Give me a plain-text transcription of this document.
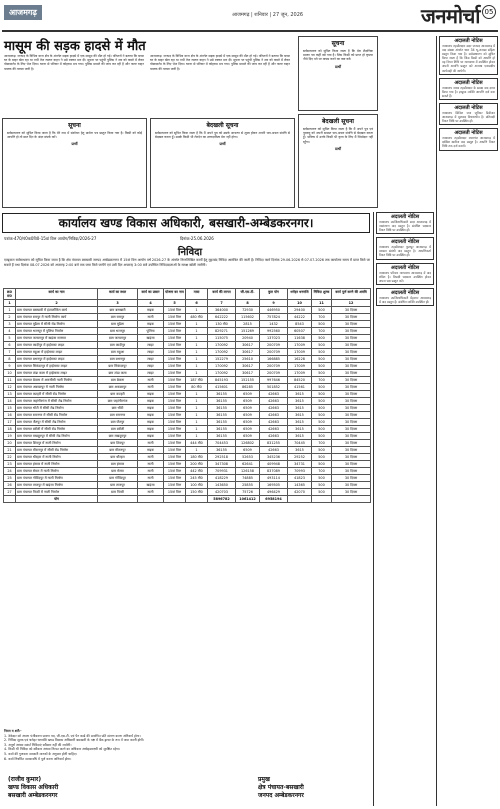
आजमगढ़	आजमगढ़ | शनिवार | 27 जून, 2026	जनमोर्चा 05
मासूम की सड़क हादसे में मौत
आजमगढ़। जनपद के विभिन्न थाना क्षेत्र के अंतर्गत सड़क हादसे में एक मासूम की मौत हो गई। परिजनों ने बताया कि बच्चा घर के बाहर खेल रहा था तभी तेज रफ्तार वाहन ने उसे टक्कर मार दी। सूचना पर पहुंची पुलिस ने शव को कब्जे में लेकर पोस्टमार्टम के लिए भेज दिया। घटना से परिवार में कोहराम मच गया। पुलिस मामले की जांच कर रही है और फरार वाहन चालक की तलाश जारी है।
आजमगढ़। जनपद के विभिन्न थाना क्षेत्र के अंतर्गत सड़क हादसे में एक मासूम की मौत हो गई। परिजनों ने बताया कि बच्चा घर के बाहर खेल रहा था तभी तेज रफ्तार वाहन ने उसे टक्कर मार दी। सूचना पर पहुंची पुलिस ने शव को कब्जे में लेकर पोस्टमार्टम के लिए भेज दिया। घटना से परिवार में कोहराम मच गया। पुलिस मामले की जांच कर रही है और फरार वाहन चालक की तलाश जारी है।
सूचना
सर्वसाधारण को सूचित किया जाता है कि मेरे नाम में संशोधन हेतु प्रार्थना पत्र प्रस्तुत किया गया है। किसी को कोई आपत्ति हो तो सात दिन के अंदर संपर्क करें।
प्रार्थी
बेदखली सूचना
सर्वसाधारण को सूचित किया जाता है कि मैं अपने पुत्र को उसके आचरण से क्षुब्ध होकर अपनी चल-अचल संपत्ति से बेदखल करता हूँ। उसके किसी भी लेनदेन का उत्तरदायित्व मेरा नहीं होगा।
प्रार्थी
सूचना
सर्वसाधारण को सूचित किया जाता है कि मेरा शैक्षणिक प्रमाण पत्र कहीं खो गया है। जिस किसी को प्राप्त हो कृपया नीचे दिए पते पर वापस करने का कष्ट करें।
प्रार्थी
बेदखली सूचना
सर्वसाधारण को सूचित किया जाता है कि मैं अपने पुत्र एवं पुत्रवधू को अपनी समस्त चल-अचल संपत्ति से बेदखल करता हूँ। भविष्य में उनके किसी भी कृत्य के लिए मैं जिम्मेदार नहीं रहूँगा।
प्रार्थी
कार्यालय खण्ड विकास अधिकारी, बसखारी-अम्बेडकरनगर।
पत्रांक-470/पं0क0वि0-15वां वित्त आयोग/निविदा/2026-27	दिनांक-25.06.2026
निविदा
एतद्द्वारा सर्वसाधारण को सूचित किया जाता है कि क्षेत्र पंचायत बसखारी जनपद अम्बेडकरनगर में 15वां वित्त आयोग वर्ष 2026-27 के अंतर्गत निम्नलिखित कार्यों हेतु मुहरबंद निविदा आमंत्रित की जाती है। निविदा फार्म दिनांक 29.06.2026 से 07.07.2026 तक कार्यालय समय में प्राप्त किये जा सकते हैं तथा दिनांक 08.07.2026 को अपरान्ह 2:00 बजे तक जमा किये जायेंगे एवं उसी दिन अपरान्ह 3:00 बजे उपस्थित निविदादाताओं के समक्ष खोली जायेंगी।
क्र0 सं0	कार्य का नाम	कार्य का स्थल	कार्य का प्रकार	योजना का नाम	मात्रा	कार्य की लागत	जी.एस.टी.	कुल योग	धरोहर धनराशि	निविदा शुल्क	कार्य पूर्ण करने की अवधि
1	2	3	4	5	6	7	8	9	10	11	12
1	ग्राम पंचायत बसखारी में इंटरलॉकिंग कार्य	ग्राम बसखारी	सड़क	15वां वित्त	1	364000	72930	446950	29400	500	30 दिवस
2	ग्राम पंचायत रामपुर में नाली निर्माण कार्य	ग्राम रामपुर	नाली	15वां वित्त	480 मी0	642222	115602	757824	44222	700	30 दिवस
3	ग्राम पंचायत मुड़ैला में सीसी रोड निर्माण	ग्राम मुड़ैला	सड़क	15वां वित्त	1	130 मी0	2815	1432	8543	500	30 दिवस
4	ग्राम पंचायत भरतपुर में पुलिया निर्माण	ग्राम भरतपुर	पुलिया	15वां वित्त	1	829271	151269	992560	60507	700	30 दिवस
5	ग्राम पंचायत जलालपुर में खड़ंजा मरम्मत	ग्राम जलालपुर	खड़ंजा	15वां वित्त	1	115075	20940	137023	11638	500	30 दिवस
6	ग्राम पंचायत कादीपुर में हाईमास्ट लाइट	ग्राम कादीपुर	लाइट	15वां वित्त	1	170092	30617	200709	17009	500	30 दिवस
7	ग्राम पंचायत महुआ में हाईमास्ट लाइट	ग्राम महुआ	लाइट	15वां वित्त	1	170092	30617	200709	17009	500	30 दिवस
8	ग्राम पंचायत बभनपुर में हाईमास्ट लाइट	ग्राम बभनपुर	लाइट	15वां वित्त	1	152279	25610	166885	16228	500	30 दिवस
9	ग्राम पंचायत सिकंदरपुर में हाईमास्ट लाइट	ग्राम सिकंदरपुर	लाइट	15वां वित्त	1	170092	30617	200709	17009	500	30 दिवस
10	ग्राम पंचायत टांडा कला में हाईमास्ट लाइट	ग्राम टांडा कला	लाइट	15वां वित्त	1	170092	30617	200709	17009	500	30 दिवस
11	ग्राम पंचायत बेवाना में आरसीसी नाली निर्माण	ग्राम बेवाना	नाली	15वां वित्त	187 मी0	845193	152155	997646	84520	700	30 दिवस
12	ग्राम पंचायत अकबरपुर में नाली निर्माण	ग्राम अकबरपुर	नाली	15वां वित्त	80 मी0	415601	86285	501852	41561	500	30 दिवस
13	ग्राम पंचायत कटहरी में सीसी रोड निर्माण	ग्राम कटहरी	सड़क	15वां वित्त	1	36155	6509	42663	3615	500	30 दिवस
14	ग्राम पंचायत जहांगीरगंज में सीसी रोड निर्माण	ग्राम जहांगीरगंज	सड़क	15वां वित्त	1	36155	6509	42663	3615	500	30 दिवस
15	ग्राम पंचायत भीटी में सीसी रोड निर्माण	ग्राम भीटी	सड़क	15वां वित्त	1	36155	6509	42663	3615	500	30 दिवस
16	ग्राम पंचायत रामनगर में सीसी रोड निर्माण	ग्राम रामनगर	सड़क	15वां वित्त	1	36155	6509	42663	3615	500	30 दिवस
17	ग्राम पंचायत जैतपुर में सीसी रोड निर्माण	ग्राम जैतपुर	सड़क	15वां वित्त	1	36155	6509	42663	3615	500	30 दिवस
18	ग्राम पंचायत बरौली में सीसी रोड निर्माण	ग्राम बरौली	सड़क	15वां वित्त	1	36155	6509	42663	3615	500	30 दिवस
19	ग्राम पंचायत मखदूमपुर में सीसी रोड निर्माण	ग्राम मखदूमपुर	सड़क	15वां वित्त	1	36155	6509	42663	3615	500	30 दिवस
20	ग्राम पंचायत शिवपुर में नाली निर्माण	ग्राम शिवपुर	नाली	15वां वित्त	444 मी0	704453	126802	831255	70445	700	30 दिवस
21	ग्राम पंचायत मीरानपुर में सीसी रोड निर्माण	ग्राम मीरानपुर	सड़क	15वां वित्त	1	36155	6509	42663	3615	500	30 दिवस
22	ग्राम पंचायत धौरहरा में नाली निर्माण	ग्राम धौरहरा	नाली	15वां वित्त	180 मी0	292518	52653	345236	29252	500	30 दिवस
23	ग्राम पंचायत हंसवर में नाली निर्माण	ग्राम हंसवर	नाली	15वां वित्त	200 मी0	347308	62641	409948	34731	500	30 दिवस
24	ग्राम पंचायत सेमरा में नाली निर्माण	ग्राम सेमरा	नाली	15वां वित्त	442 मी0	709931	126158	837089	70993	700	30 दिवस
25	ग्राम पंचायत गोविंदपुर में नाली निर्माण	ग्राम गोविंदपुर	नाली	15वां वित्त	245 मी0	418229	74885	493114	41823	500	30 दिवस
26	ग्राम पंचायत ताजपुर में खड़ंजा निर्माण	ग्राम ताजपुर	खड़ंजा	15वां वित्त	100 मी0	143650	25855	169505	14365	500	30 दिवस
27	ग्राम पंचायत पिपरी में नाली निर्माण	ग्राम पिपरी	नाली	15वां वित्त	150 मी0	420703	75726	496429	42070	500	30 दिवस
	योग					5896782	1061412	6958194			
नियम व शर्तें:-
1. ठेकेदार को अपना पंजीकरण प्रमाण पत्र, जी.एस.टी. एवं पैन कार्ड की प्रमाणित प्रति संलग्न करना अनिवार्य होगा।
2. निविदा शुल्क एवं धरोहर धनराशि खण्ड विकास अधिकारी बसखारी के पक्ष में बैंक ड्राफ्ट के रूप में जमा करनी होगी।
3. अपूर्ण अथवा सशर्त निविदाएं स्वीकार नहीं की जायेंगी।
4. किसी भी निविदा को स्वीकार अथवा निरस्त करने का अधिकार अधोहस्ताक्षरी को सुरक्षित रहेगा।
5. कार्य की गुणवत्ता सरकारी मानकों के अनुसार होनी चाहिए।
6. कार्य निर्धारित समयावधि में पूर्ण करना अनिवार्य होगा।
(राजीव कुमार)
खण्ड विकास अधिकारी
बसखारी अम्बेडकरनगर
प्रमुख
क्षेत्र पंचायत-बसखारी
जनपद अम्बेडकरनगर
अदालती नोटिस
न्यायालय उपजिलाधिकारी सदर आजमगढ़ में नामांतरण वाद प्रस्तुत है। संबंधित पक्षकार नियत तिथि पर उपस्थित हों।
अदालती नोटिस
न्यायालय तहसीलदार फूलपुर आजमगढ़ में वरासत संबंधी वाद प्रस्तुत है। आपत्तिकर्ता नियत तिथि पर उपस्थित हों।
अदालती नोटिस
न्यायालय परिवार न्यायालय आजमगढ़ में वाद लंबित है। विपक्षी पक्षकार उपस्थित होकर अपना पक्ष प्रस्तुत करें।
अदालती नोटिस
न्यायालय उपजिलाधिकारी मेंहनगर आजमगढ़ में वाद प्रस्तुत है। संबंधित व्यक्ति उपस्थित हों।
अदालती नोटिस
न्यायालय तहसीलदार सदर जनपद आजमगढ़ में वाद संख्या अंतर्गत धारा 34 भू-राजस्व संहिता प्रस्तुत किया गया है। सर्वसाधारण को सूचित किया जाता है कि जिस किसी को आपत्ति हो वह नियत तिथि पर न्यायालय में उपस्थित होकर अपनी आपत्ति प्रस्तुत करे अन्यथा एकपक्षीय कार्यवाही की जायेगी।
अदालती नोटिस
न्यायालय नायब तहसीलदार के समक्ष वाद दायर किया गया है। इच्छुक व्यक्ति आपत्ति दर्ज करा सकते हैं।
अदालती नोटिस
न्यायालय सिविल जज जूनियर डिवीजन आजमगढ़ में मूलवाद विचाराधीन है। प्रतिवादी नियत तिथि पर उपस्थित हों।
अदालती नोटिस
न्यायालय तहसीलदार लालगंज आजमगढ़ में दाखिल खारिज वाद प्रस्तुत है। आपत्ति नियत तिथि तक दर्ज करायें।
